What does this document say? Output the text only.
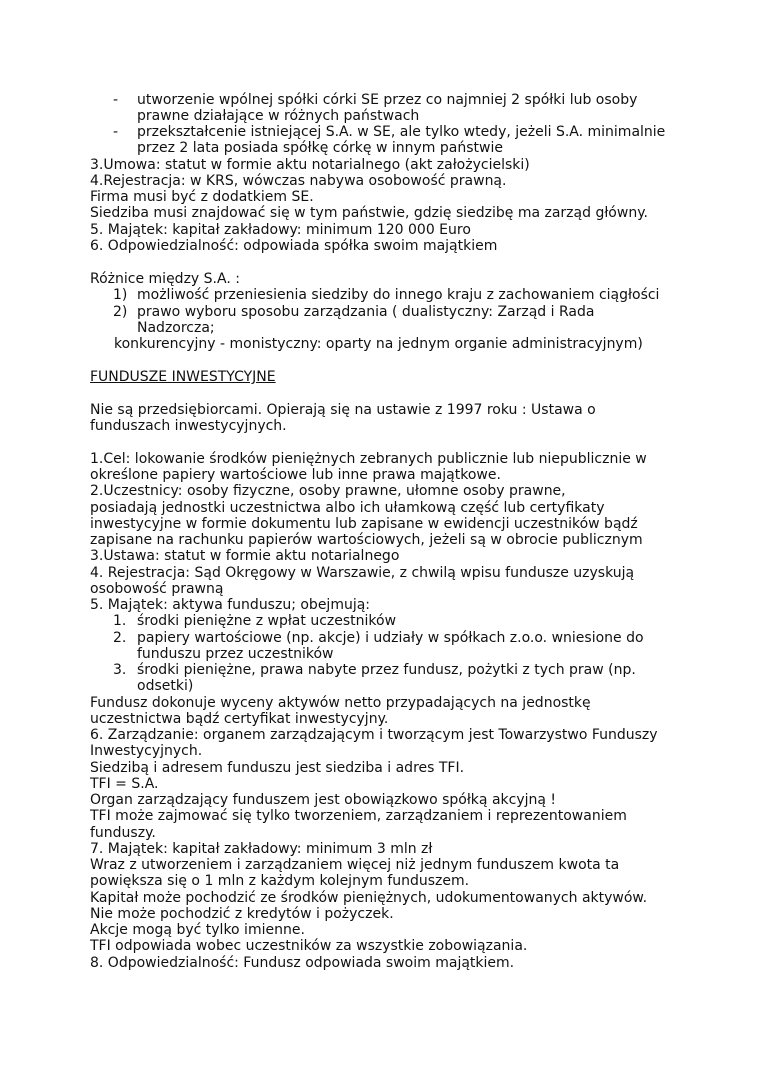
- utworzenie wpólnej spółki córki SE przez co najmniej 2 spółki lub osoby
prawne działające w różnych państwach
- przekształcenie istniejącej S.A. w SE, ale tylko wtedy, jeżeli S.A. minimalnie
przez 2 lata posiada spółkę córkę w innym państwie
3.Umowa: statut w formie aktu notarialnego (akt założycielski)
4.Rejestracja: w KRS, wówczas nabywa osobowość prawną.
Firma musi być z dodatkiem SE.
Siedziba musi znajdować się w tym państwie, gdzię siedzibę ma zarząd główny.
5. Majątek: kapitał zakładowy: minimum 120 000 Euro
6. Odpowiedzialność: odpowiada spółka swoim majątkiem
Różnice między S.A. :
1) możliwość przeniesienia siedziby do innego kraju z zachowaniem ciągłości
2) prawo wyboru sposobu zarządzania ( dualistyczny: Zarząd i Rada
Nadzorcza;
konkurencyjny - monistyczny: oparty na jednym organie administracyjnym)
FUNDUSZE INWESTYCYJNE
Nie są przedsiębiorcami. Opierają się na ustawie z 1997 roku : Ustawa o
funduszach inwestycyjnych.
1.Cel: lokowanie środków pieniężnych zebranych publicznie lub niepublicznie w
określone papiery wartościowe lub inne prawa majątkowe.
2.Uczestnicy: osoby fizyczne, osoby prawne, ułomne osoby prawne,
posiadają jednostki uczestnictwa albo ich ułamkową część lub certyfikaty
inwestycyjne w formie dokumentu lub zapisane w ewidencji uczestników bądź
zapisane na rachunku papierów wartościowych, jeżeli są w obrocie publicznym
3.Ustawa: statut w formie aktu notarialnego
4. Rejestracja: Sąd Okręgowy w Warszawie, z chwilą wpisu fundusze uzyskują
osobowość prawną
5. Majątek: aktywa funduszu; obejmują:
1. środki pieniężne z wpłat uczestników
2. papiery wartościowe (np. akcje) i udziały w spółkach z.o.o. wniesione do
funduszu przez uczestników
3. środki pieniężne, prawa nabyte przez fundusz, pożytki z tych praw (np.
odsetki)
Fundusz dokonuje wyceny aktywów netto przypadających na jednostkę
uczestnictwa bądź certyfikat inwestycyjny.
6. Zarządzanie: organem zarządzającym i tworzącym jest Towarzystwo Funduszy
Inwestycyjnych.
Siedzibą i adresem funduszu jest siedziba i adres TFI.
TFI = S.A.
Organ zarządzający funduszem jest obowiązkowo spółką akcyjną !
TFI może zajmować się tylko tworzeniem, zarządzaniem i reprezentowaniem
funduszy.
7. Majątek: kapitał zakładowy: minimum 3 mln zł
Wraz z utworzeniem i zarządzaniem więcej niż jednym funduszem kwota ta
powiększa się o 1 mln z każdym kolejnym funduszem.
Kapitał może pochodzić ze środków pieniężnych, udokumentowanych aktywów.
Nie może pochodzić z kredytów i pożyczek.
Akcje mogą być tylko imienne.
TFI odpowiada wobec uczestników za wszystkie zobowiązania.
8. Odpowiedzialność: Fundusz odpowiada swoim majątkiem.
